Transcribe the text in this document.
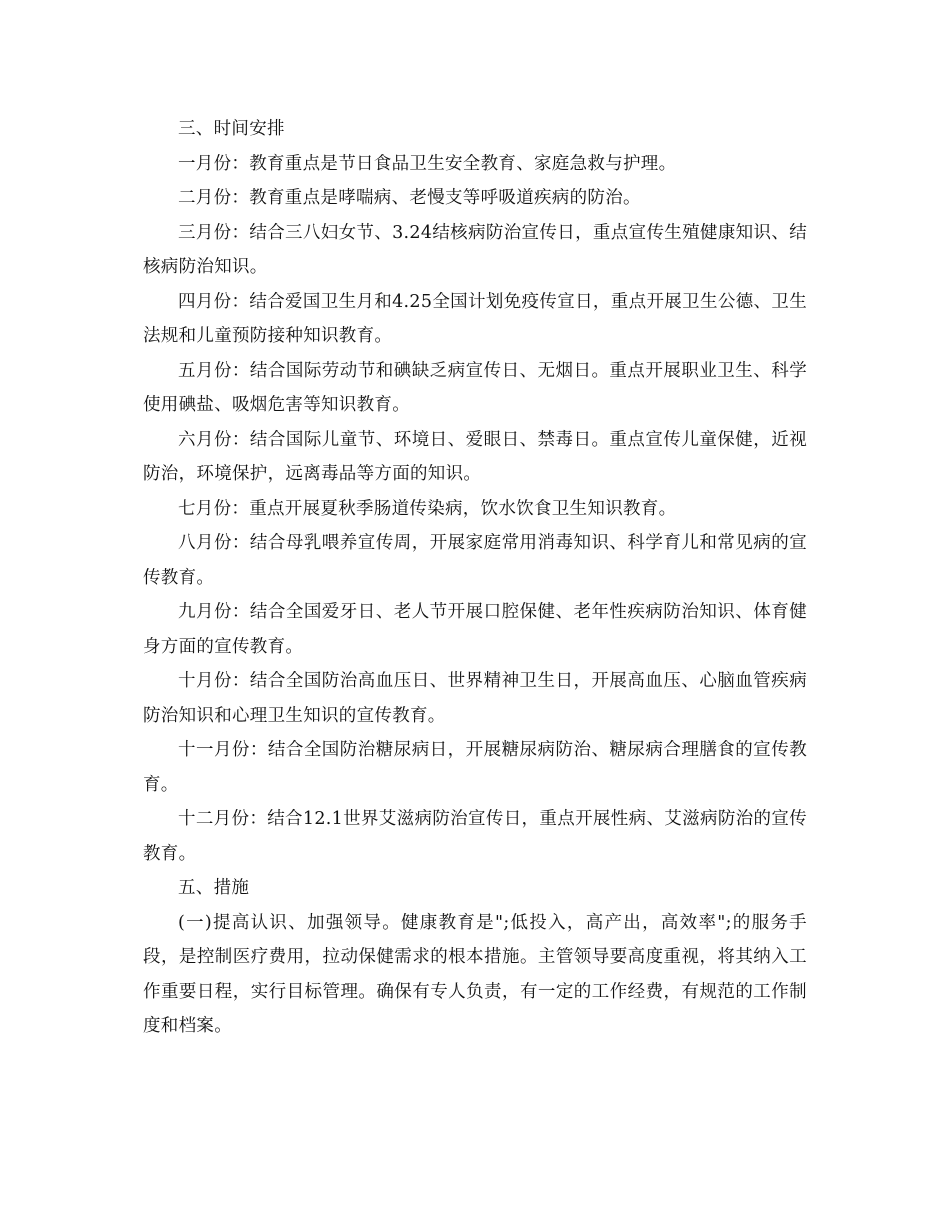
三、时间安排

一月份：教育重点是节日食品卫生安全教育、家庭急救与护理。

二月份：教育重点是哮喘病、老慢支等呼吸道疾病的防治。

三月份：结合三八妇女节、3.24结核病防治宣传日，重点宣传生殖健康知识、结核病防治知识。

四月份：结合爱国卫生月和4.25全国计划免疫传宣日，重点开展卫生公德、卫生法规和儿童预防接种知识教育。

五月份：结合国际劳动节和碘缺乏病宣传日、无烟日。重点开展职业卫生、科学使用碘盐、吸烟危害等知识教育。

六月份：结合国际儿童节、环境日、爱眼日、禁毒日。重点宣传儿童保健，近视防治，环境保护，远离毒品等方面的知识。

七月份：重点开展夏秋季肠道传染病，饮水饮食卫生知识教育。

八月份：结合母乳喂养宣传周，开展家庭常用消毒知识、科学育儿和常见病的宣传教育。

九月份：结合全国爱牙日、老人节开展口腔保健、老年性疾病防治知识、体育健身方面的宣传教育。

十月份：结合全国防治高血压日、世界精神卫生日，开展高血压、心脑血管疾病防治知识和心理卫生知识的宣传教育。

十一月份：结合全国防治糖尿病日，开展糖尿病防治、糖尿病合理膳食的宣传教育。

十二月份：结合12.1世界艾滋病防治宣传日，重点开展性病、艾滋病防治的宣传教育。

五、措施

(一)提高认识、加强领导。健康教育是";低投入，高产出，高效率";的服务手段，是控制医疗费用，拉动保健需求的根本措施。主管领导要高度重视，将其纳入工作重要日程，实行目标管理。确保有专人负责，有一定的工作经费，有规范的工作制度和档案。
